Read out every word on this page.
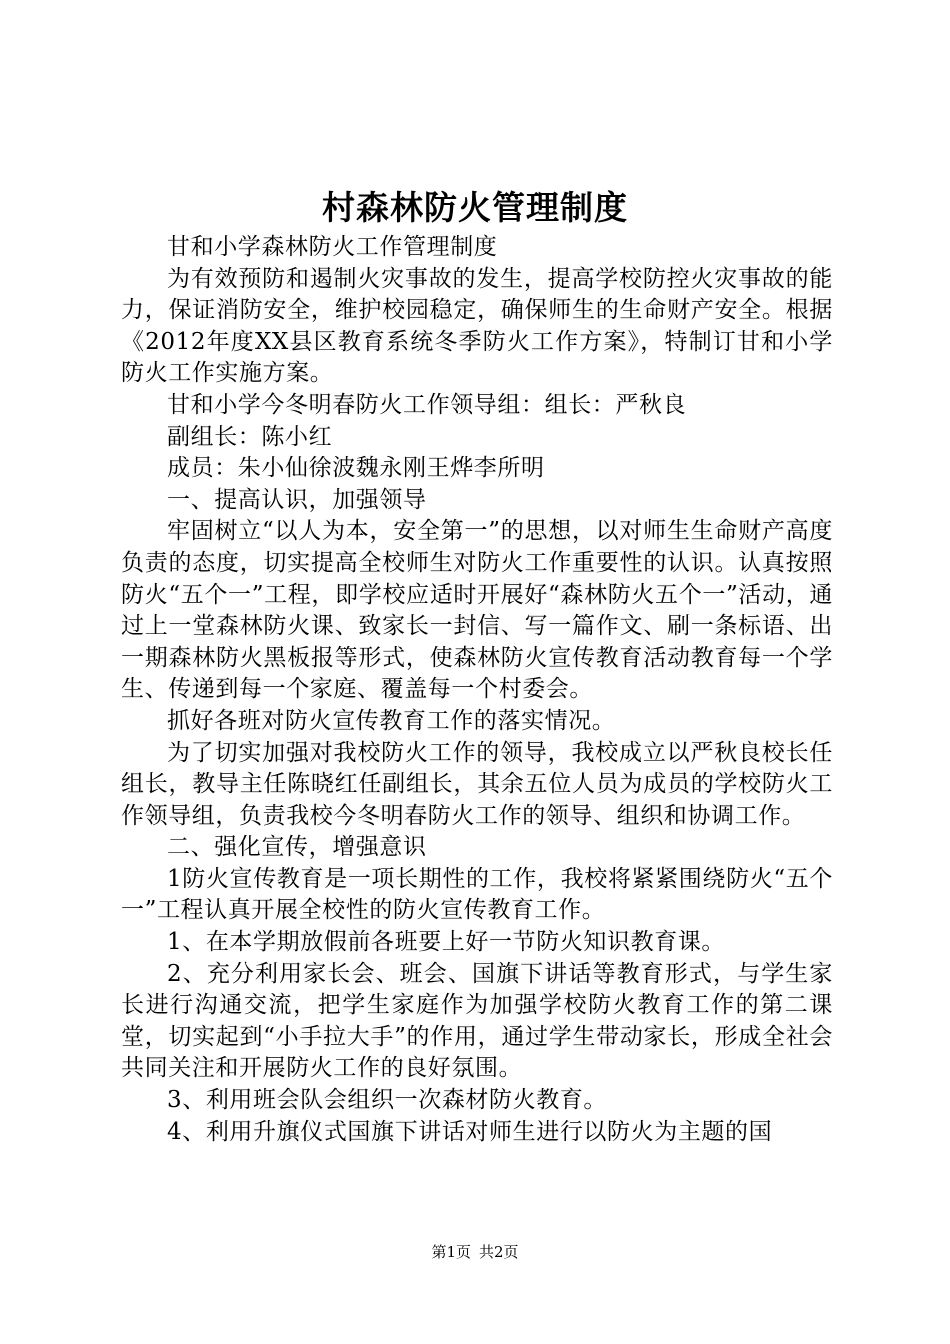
村森林防火管理制度

甘和小学森林防火工作管理制度

为有效预防和遏制火灾事故的发生，提高学校防控火灾事故的能力，保证消防安全，维护校园稳定，确保师生的生命财产安全。根据《2012年度XX县区教育系统冬季防火工作方案》，特制订甘和小学防火工作实施方案。

甘和小学今冬明春防火工作领导组：组长：严秋良

副组长：陈小红

成员：朱小仙徐波魏永刚王烨李所明

一、提高认识，加强领导

牢固树立“以人为本，安全第一”的思想，以对师生生命财产高度负责的态度，切实提高全校师生对防火工作重要性的认识。认真按照防火“五个一”工程，即学校应适时开展好“森林防火五个一”活动，通过上一堂森林防火课、致家长一封信、写一篇作文、刷一条标语、出一期森林防火黑板报等形式，使森林防火宣传教育活动教育每一个学生、传递到每一个家庭、覆盖每一个村委会。

抓好各班对防火宣传教育工作的落实情况。

为了切实加强对我校防火工作的领导，我校成立以严秋良校长任组长，教导主任陈晓红任副组长，其余五位人员为成员的学校防火工作领导组，负责我校今冬明春防火工作的领导、组织和协调工作。

二、强化宣传，增强意识

1防火宣传教育是一项长期性的工作，我校将紧紧围绕防火“五个一”工程认真开展全校性的防火宣传教育工作。

1、在本学期放假前各班要上好一节防火知识教育课。

2、充分利用家长会、班会、国旗下讲话等教育形式，与学生家长进行沟通交流，把学生家庭作为加强学校防火教育工作的第二课堂，切实起到“小手拉大手”的作用，通过学生带动家长，形成全社会共同关注和开展防火工作的良好氛围。

3、利用班会队会组织一次森材防火教育。

4、利用升旗仪式国旗下讲话对师生进行以防火为主题的国

第1页 共2页
